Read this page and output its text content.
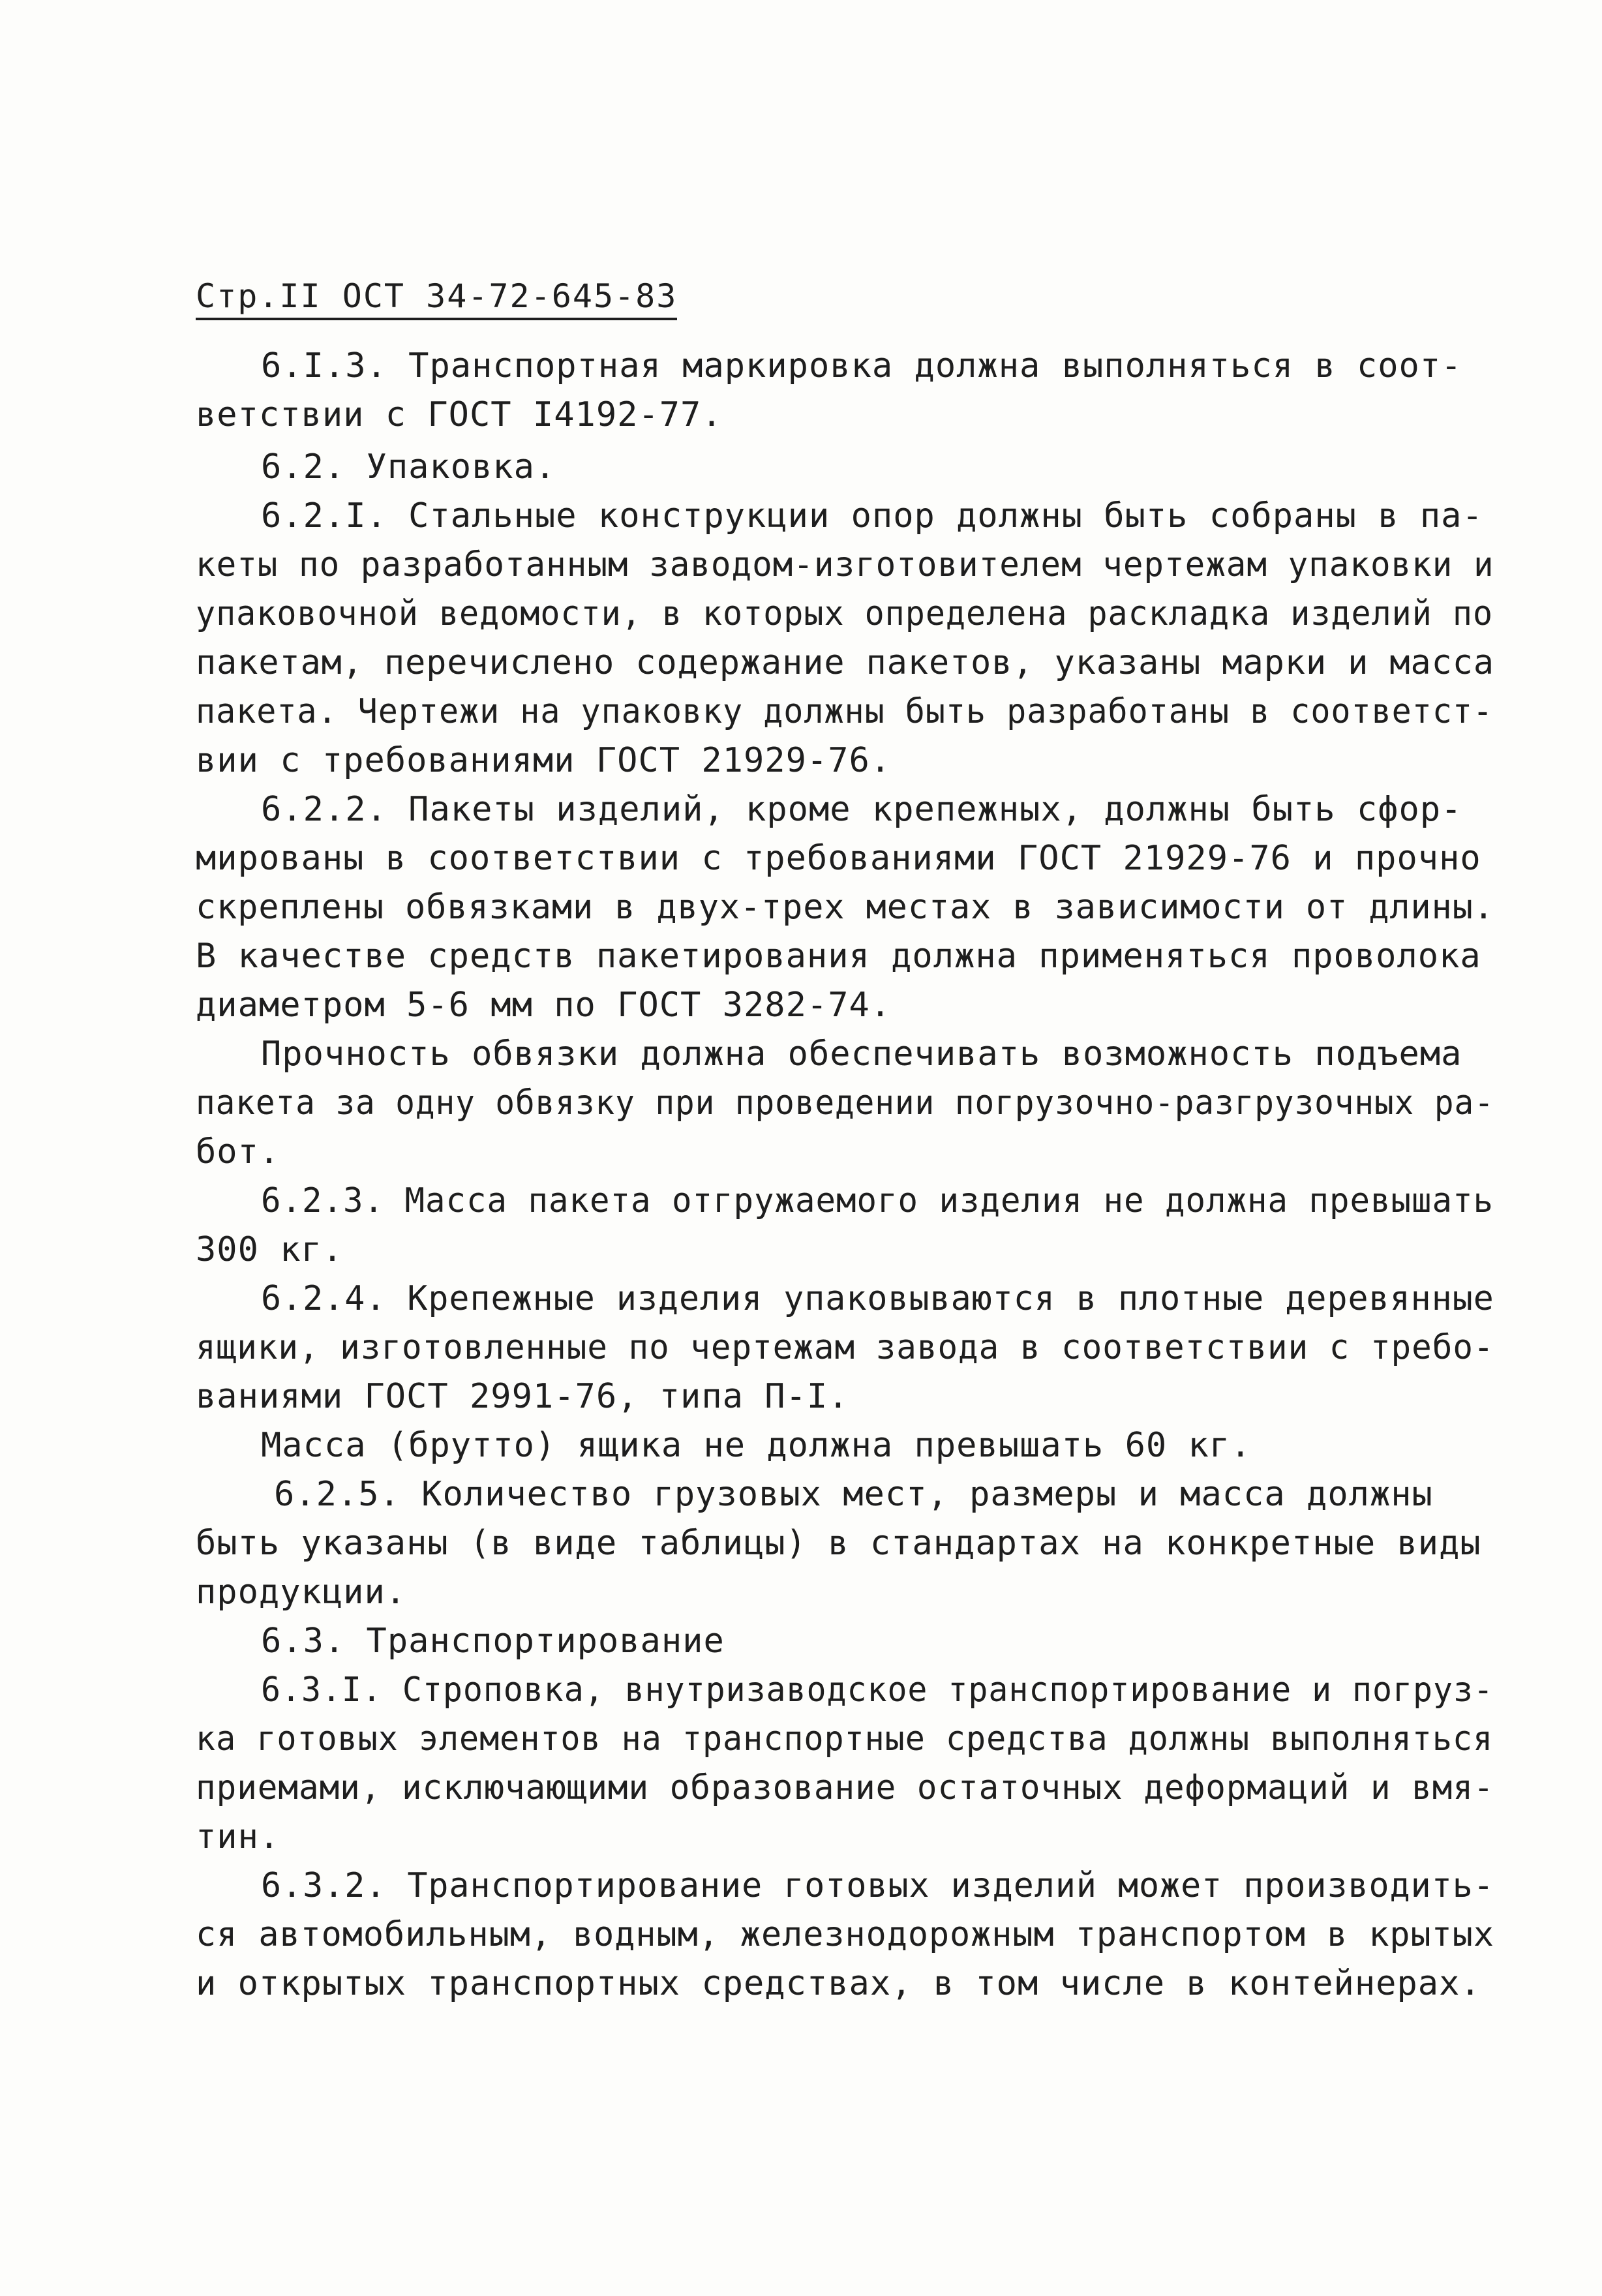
Стр.II ОСТ 34-72-645-83
6.I.3. Транспортная маркировка должна выполняться в соот-
ветствии с ГОСТ I4192-77.
6.2. Упаковка.
6.2.I. Стальные конструкции опор должны быть собраны в па-
кеты по разработанным заводом-изготовителем чертежам упаковки и
упаковочной ведомости, в которых определена раскладка изделий по
пакетам, перечислено содержание пакетов, указаны марки и масса
пакета. Чертежи на упаковку должны быть разработаны в соответст-
вии с требованиями ГОСТ 21929-76.
6.2.2. Пакеты изделий, кроме крепежных, должны быть сфор-
мированы в соответствии с требованиями ГОСТ 21929-76 и прочно
скреплены обвязками в двух-трех местах в зависимости от длины.
В качестве средств пакетирования должна применяться проволока
диаметром 5-6 мм по ГОСТ 3282-74.
Прочность обвязки должна обеспечивать возможность подъема
пакета за одну обвязку при проведении погрузочно-разгрузочных ра-
бот.
6.2.3. Масса пакета отгружаемого изделия не должна превышать
300 кг.
6.2.4. Крепежные изделия упаковываются в плотные деревянные
ящики, изготовленные по чертежам завода в соответствии с требо-
ваниями ГОСТ 2991-76, типа П-I.
Масса (брутто) ящика не должна превышать 60 кг.
6.2.5. Количество грузовых мест, размеры и масса должны
быть указаны (в виде таблицы) в стандартах на конкретные виды
продукции.
6.3. Транспортирование
6.3.I. Строповка, внутризаводское транспортирование и погруз-
ка готовых элементов на транспортные средства должны выполняться
приемами, исключающими образование остаточных деформаций и вмя-
тин.
6.3.2. Транспортирование готовых изделий может производить-
ся автомобильным, водным, железнодорожным транспортом в крытых
и открытых транспортных средствах, в том числе в контейнерах.
